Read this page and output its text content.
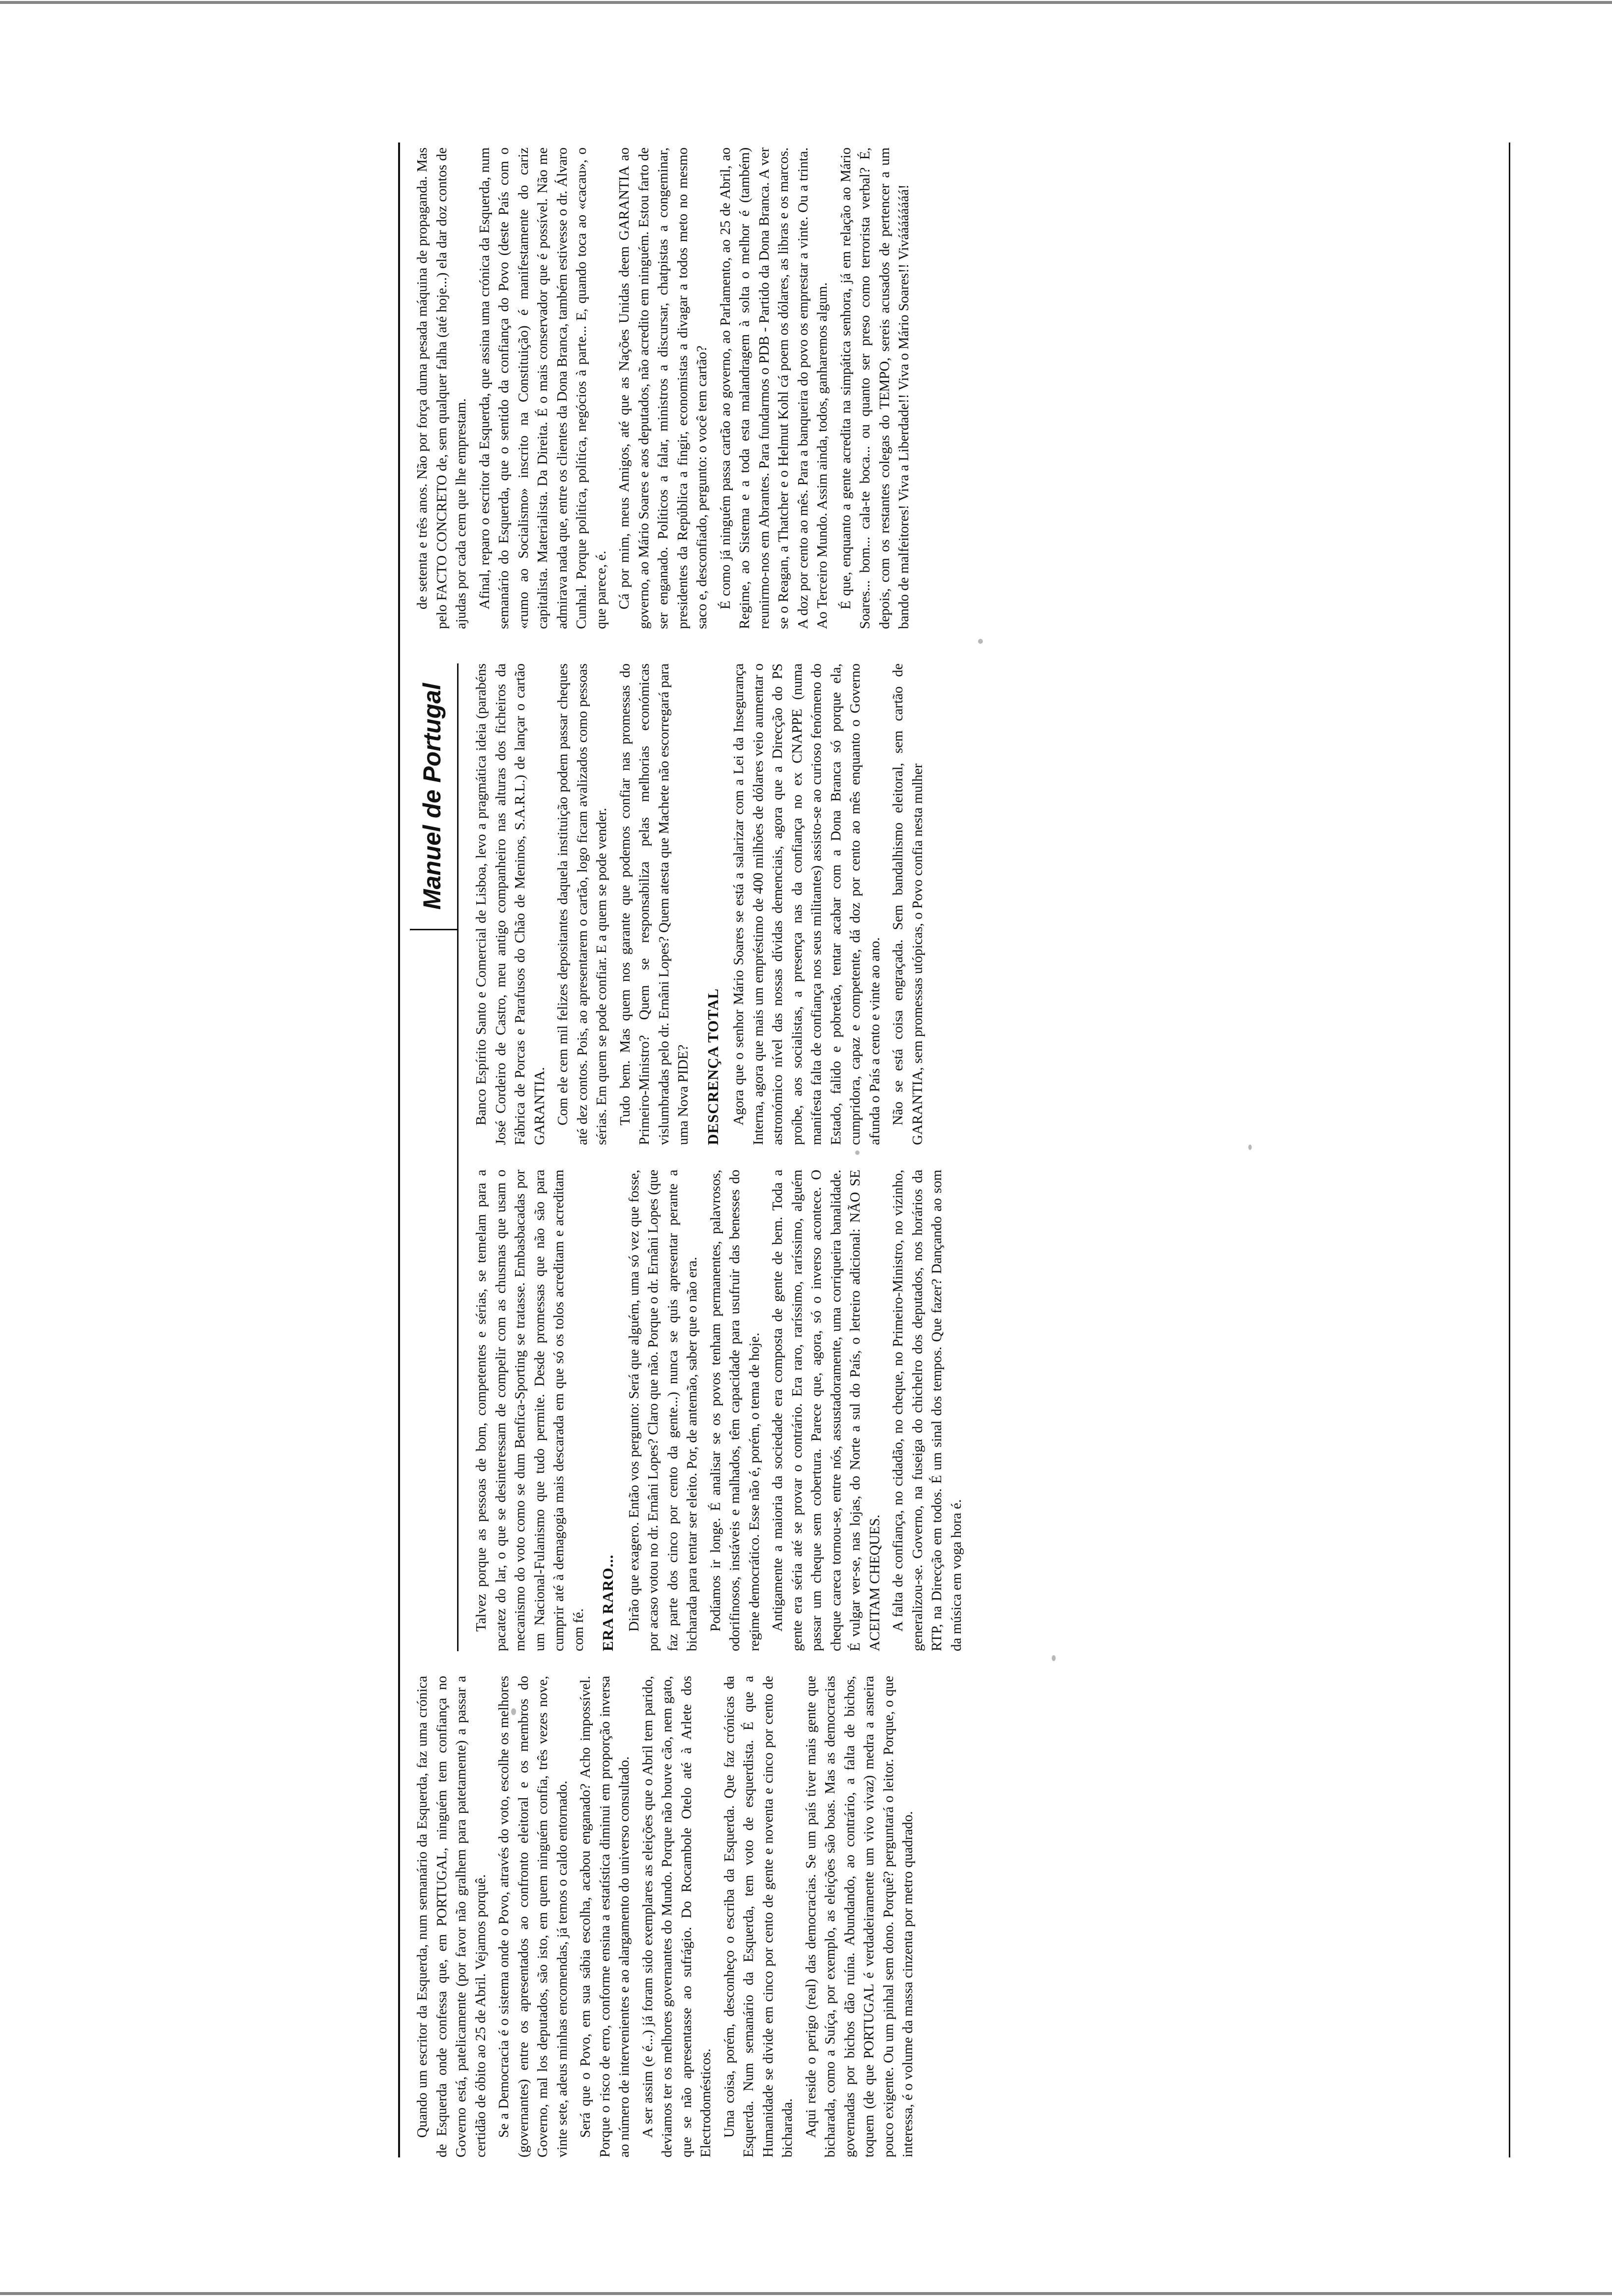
Quando um escritor da Esquerda, num semanário da Esquerda, faz uma crónica de Esquerda onde confessa que, em PORTUGAL, ninguém tem confiança no Governo está, patelicamente (por favor não gralhem para patetamente) a passar a certidão de óbito ao 25 de Abril. Vejamos porquê. Se a Democracia é o sistema onde o Povo, através do voto, escolhe os melhores (governantes) entre os apresentados ao confronto eleitoral e os membros do Governo, mal los deputados, são isto, em quem ninguém confia, três vezes nove, vinte sete, adeus minhas encomendas, já temos o caldo entornado. Será que o Povo, em sua sábia escolha, acabou enganado? Acho impossível. Porque o risco de erro, conforme ensina a estatística diminui em proporção inversa ao número de intervenientes e ao alargamento do universo consultado. A ser assim (e é...) já foram sido exemplares as eleições que o Abril tem parido, deviamos ter os melhores governantes do Mundo. Porque não houve cão, nem gato, que se não apresentasse ao sufrágio. Do Rocambole Otelo até à Arlete dos Electrodomésticos. Uma coisa, porém, desconheço o escriba da Esquerda. Que faz crónicas da Esquerda. Num semanário da Esquerda, tem voto de esquerdista. É que a Humanidade se divide em cinco por cento de gente e noventa e cinco por cento de bicharada. Aqui reside o perigo (real) das democracias. Se um país tiver mais gente que bicharada, como a Suíça, por exemplo, as eleições são boas. Mas as democracias governadas por bichos dão ruína. Abundando, ao contrário, a falta de bichos, toquem (de que PORTUGAL é verdadeiramente um vivo vivaz) medra a asneira pouco exigente. Ou um pinhal sem dono. Porquê? perguntará o leitor. Porque, o que interessa, é o volume da massa cinzenta por metro quadrado.

Manuel de Portugal

Talvez porque as pessoas de bom, competentes e sérias, se temelam para a pacatez do lar, o que se desinteressam de compelir com as chusmas que usam o mecanismo do voto como se dum Benfica-Sporting se tratasse. Embasbacadas por um Nacional-Fulanismo que tudo permite. Desde promessas que não são para cumprir até à demagogia mais descarada em que só os tolos acreditam e acreditam com fé. ERA RARO... Dirão que exagero. Então vos pergunto: Será que alguém, uma só vez que fosse, por acaso votou no dr. Ernâni Lopes? Claro que não. Porque o dr. Ernâni Lopes (que faz parte dos cinco por cento da gente...) nunca se quis apresentar perante a bicharada para tentar ser eleito. Por, de antemão, saber que o não era. Podíamos ir longe. É analisar se os povos tenham permanentes, palavrosos, odorifinosos, instáveis e malhados, têm capacidade para usufruir das benesses do regime democrático. Esse não é, porém, o tema de hoje. Antigamente a maioria da sociedade era composta de gente de bem. Toda a gente era séria até se provar o contrário. Era raro, raríssimo, raríssimo, alguém passar um cheque sem cobertura. Parece que, agora, só o inverso acontece. O cheque careca tornou-se, entre nós, assustadoramente, uma corriqueira banalidade. É vulgar ver-se, nas lojas, do Norte a sul do País, o letreiro adicional: NÃO SE ACEITAM CHEQUES. A falta de confiança, no cidadão, no cheque, no Primeiro-Ministro, no vizinho, generalizou-se. Governo, na fuseiga do chichelro dos deputados, nos horários da RTP, na Direcção em todos. É um sinal dos tempos. Que fazer? Dançando ao som da música em voga hora é.

Banco Espírito Santo e Comercial de Lisboa, levo a pragmática ideia (parabéns José Cordeiro de Castro, meu antigo companheiro nas alturas dos ficheiros da Fábrica de Porcas e Parafusos do Chão de Meninos, S.A.R.L.) de lançar o cartão GARANTIA. Com ele cem mil felizes depositantes daquela instituição podem passar cheques até dez contos. Pois, ao apresentarem o cartão, logo ficam avalizados como pessoas sérias. Em quem se pode confiar. E a quem se pode vender. Tudo bem. Mas quem nos garante que podemos confiar nas promessas do Primeiro-Ministro? Quem se responsabiliza pelas melhorias económicas vislumbradas pelo dr. Ernâni Lopes? Quem atesta que Machete não escorregará para uma Nova PIDE? DESCRENÇA TOTAL Agora que o senhor Mário Soares se está a salarizar com a Lei da Insegurança Interna, agora que mais um empréstimo de 400 milhões de dólares veio aumentar o astronómico nível das nossas dívidas demenciais, agora que a Direcção do PS proíbe, aos socialistas, a presença nas da confiança no ex CNAPPE (numa manifesta falta de confiança nos seus militantes) assisto-se ao curioso fenómeno do Estado, falido e pobretão, tentar acabar com a Dona Branca só porque ela, cumpridora, capaz e competente, dá doz por cento ao mês enquanto o Governo afunda o País a cento e vinte ao ano. Não se está coisa engraçada. Sem bandalhismo eleitoral, sem cartão de GARANTIA, sem promessas utópicas, o Povo confia nesta mulher

de setenta e três anos. Não por força duma pesada máquina de propaganda. Mas pelo FACTO CONCRETO de, sem qualquer falha (até hoje...) ela dar doz contos de ajudas por cada cem que lhe emprestam. Afinal, reparo o escritor da Esquerda, que assina uma crónica da Esquerda, num semanário do Esquerda, que o sentido da confiança do Povo (deste País com o «rumo ao Socialismo» inscrito na Constituição) é manifestamente do cariz capitalista. Materialista. Da Direita. É o mais conservador que é possível. Não me admirava nada que, entre os clientes da Dona Branca, também estivesse o dr. Álvaro Cunhal. Porque política, política, negócios à parte... E, quando toca ao «cacau», o que parece, é. Cá por mim, meus Amigos, até que as Nações Unidas deem GARANTIA ao governo, ao Mário Soares e aos deputados, não acredito em ninguém. Estou farto de ser enganado. Políticos a falar, ministros a discursar, chatpistas a congeminar, presidentes da República a fingir, economistas a divagar a todos meto no mesmo saco e, desconfiado, pergunto: o você tem cartão? É como já ninguém passa cartão ao governo, ao Parlamento, ao 25 de Abril, ao Regime, ao Sistema e a toda esta malandragem à solta o melhor é (também) reunirmo-nos em Abrantes. Para fundarmos o PDB - Partido da Dona Branca. A ver se o Reagan, a Thatcher e o Helmut Kohl cá poem os dólares, as libras e os marcos. A doz por cento ao mês. Para a banqueira do povo os emprestar a vinte. Ou a trinta. Ao Terceiro Mundo. Assim ainda, todos, ganharemos algum. É que, enquanto a gente acredita na simpática senhora, já em relação ao Mário Soares... bom... cala-te boca... ou quanto ser preso como terrorista verbal? É, depois, com os restantes colegas do TEMPO, sereis acusados de pertencer a um bando de malfeitores! Viva a Liberdade!! Viva o Mário Soares!! Viváááááááá!
